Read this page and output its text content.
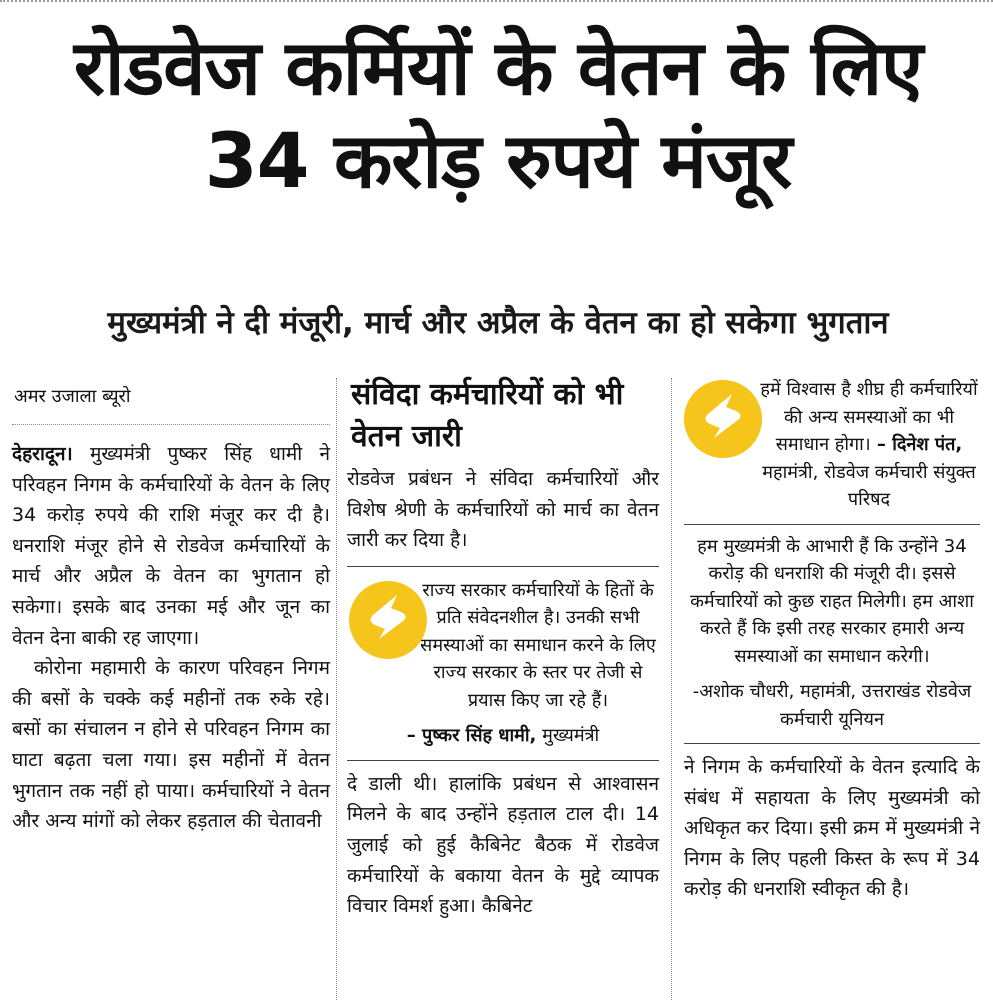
रोडवेज कर्मियों के वेतन के लिए 34 करोड़ रुपये मंजूर
मुख्यमंत्री ने दी मंजूरी, मार्च और अप्रैल के वेतन का हो सकेगा भुगतान
अमर उजाला ब्यूरो

देहरादून। मुख्यमंत्री पुष्कर सिंह धामी ने परिवहन निगम के कर्मचारियों के वेतन के लिए 34 करोड़ रुपये की राशि मंजूर कर दी है। धनराशि मंजूर होने से रोडवेज कर्मचारियों के मार्च और अप्रैल के वेतन का भुगतान हो सकेगा। इसके बाद उनका मई और जून का वेतन देना बाकी रह जाएगा।

कोरोना महामारी के कारण परिवहन निगम की बसों के चक्के कई महीनों तक रुके रहे। बसों का संचालन न होने से परिवहन निगम का घाटा बढ़ता चला गया। इस महीनों में वेतन भुगतान तक नहीं हो पाया। कर्मचारियों ने वेतन और अन्य मांगों को लेकर हड़ताल की चेतावनी

संविदा कर्मचारियों को भी वेतन जारी

रोडवेज प्रबंधन ने संविदा कर्मचारियों और विशेष श्रेणी के कर्मचारियों को मार्च का वेतन जारी कर दिया है।

राज्य सरकार कर्मचारियों के हितों के प्रति संवेदनशील है। उनकी सभी समस्याओं का समाधान करने के लिए राज्य सरकार के स्तर पर तेजी से प्रयास किए जा रहे हैं।
– पुष्कर सिंह धामी, मुख्यमंत्री

दे डाली थी। हालांकि प्रबंधन से आश्वासन मिलने के बाद उन्होंने हड़ताल टाल दी। 14 जुलाई को हुई कैबिनेट बैठक में रोडवेज कर्मचारियों के बकाया वेतन के मुद्दे व्यापक विचार विमर्श हुआ। कैबिनेट

हमें विश्वास है शीघ्र ही कर्मचारियों की अन्य समस्याओं का भी समाधान होगा। – दिनेश पंत, महामंत्री, रोडवेज कर्मचारी संयुक्त परिषद

हम मुख्यमंत्री के आभारी हैं कि उन्होंने 34 करोड़ की धनराशि की मंजूरी दी। इससे कर्मचारियों को कुछ राहत मिलेगी। हम आशा करते हैं कि इसी तरह सरकार हमारी अन्य समस्याओं का समाधान करेगी।

-अशोक चौधरी, महामंत्री, उत्तराखंड रोडवेज कर्मचारी यूनियन

ने निगम के कर्मचारियों के वेतन इत्यादि के संबंध में सहायता के लिए मुख्यमंत्री को अधिकृत कर दिया। इसी क्रम में मुख्यमंत्री ने निगम के लिए पहली किस्त के रूप में 34 करोड़ की धनराशि स्वीकृत की है।
